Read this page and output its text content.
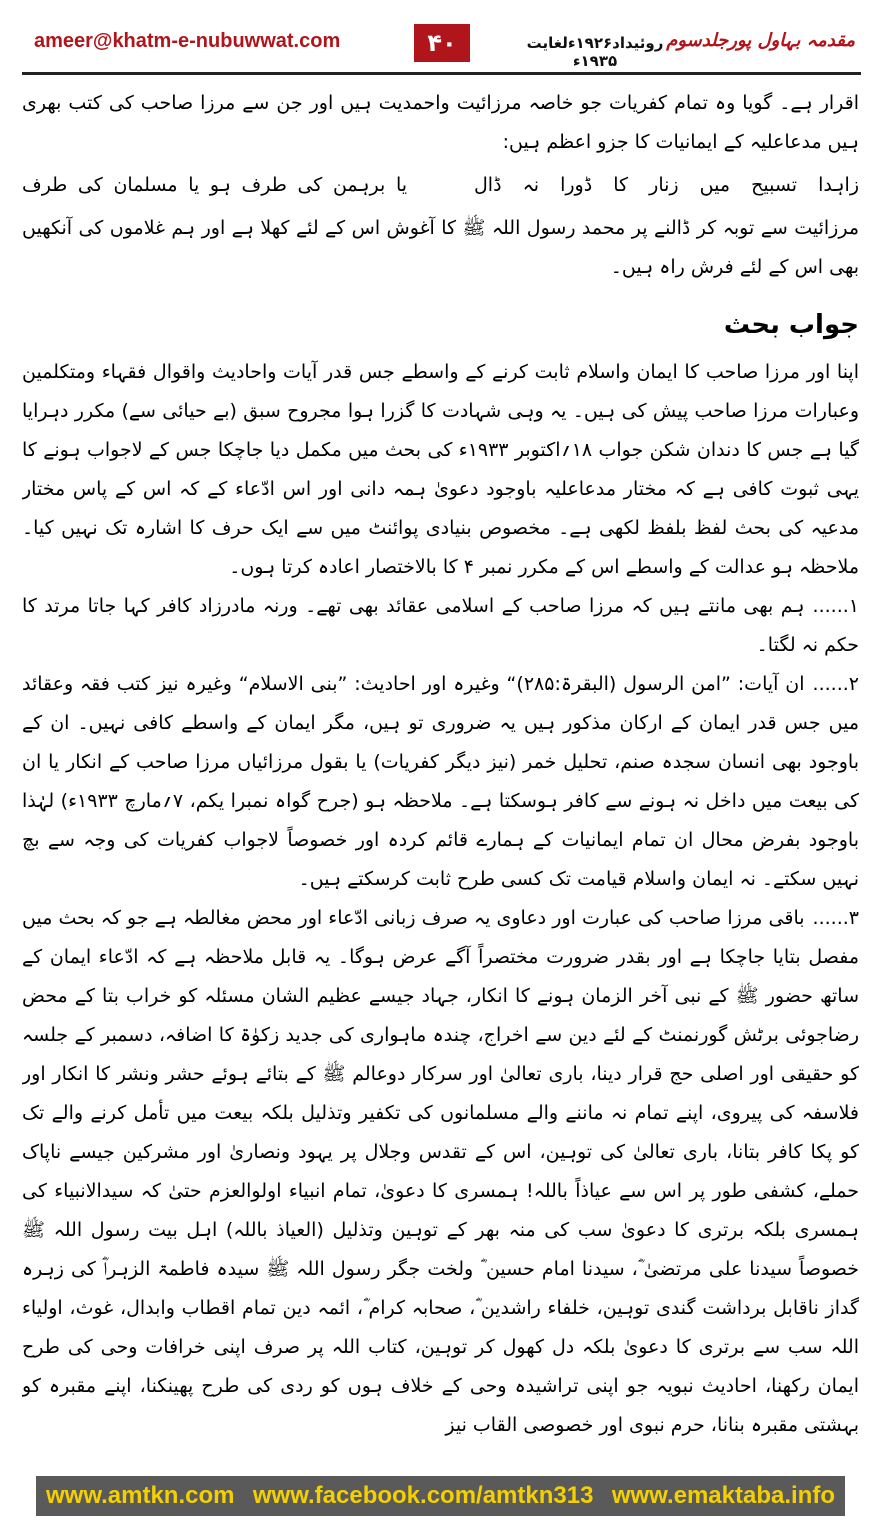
ameer@khatm-e-nubuwwat.com	۴۰	روئیداد۱۹۲۶ءلغایت ۱۹۳۵ء
مقدمہ بہاول پورجلدسوم

اقرار ہے۔ گویا وہ تمام کفریات جو خاصہ مرزائیت واحمدیت ہیں اور جن سے مرزا صاحب کی کتب بھری ہیں مدعاعلیہ کے ایمانیات کا جزو اعظم ہیں:

زاہدا تسبیح میں زنار کا ڈورا نہ ڈال
یا برہمن کی طرف ہو یا مسلمان کی طرف

مرزائیت سے توبہ کر ڈالنے پر محمد رسول اللہ ﷺ کا آغوش اس کے لئے کھلا ہے اور ہم غلاموں کی آنکھیں بھی اس کے لئے فرش راہ ہیں۔

جواب بحث

اپنا اور مرزا صاحب کا ایمان واسلام ثابت کرنے کے واسطے جس قدر آیات واحادیث واقوال فقہاء ومتکلمین وعبارات مرزا صاحب پیش کی ہیں۔ یہ وہی شہادت کا گزرا ہوا مجروح سبق (بے حیائی سے) مکرر دہرایا گیا ہے جس کا دندان شکن جواب ۱۸؍اکتوبر ۱۹۳۳ء کی بحث میں مکمل دیا جاچکا جس کے لاجواب ہونے کا یہی ثبوت کافی ہے کہ مختار مدعاعلیہ باوجود دعویٰ ہمہ دانی اور اس ادّعاء کے کہ اس کے پاس مختار مدعیہ کی بحث لفظ بلفظ لکھی ہے۔ مخصوص بنیادی پوائنٹ میں سے ایک حرف کا اشارہ تک نہیں کیا۔ ملاحظہ ہو عدالت کے واسطے اس کے مکرر نمبر ۴ کا بالاختصار اعادہ کرتا ہوں۔

۱......ہم بھی مانتے ہیں کہ مرزا صاحب کے اسلامی عقائد بھی تھے۔ ورنہ مادرزاد کافر کہا جاتا مرتد کا حکم نہ لگتا۔

۲......ان آیات: ”امن الرسول (البقرۃ:۲۸۵)“ وغیرہ اور احادیث: ”بنی الاسلام“ وغیرہ نیز کتب فقہ وعقائد میں جس قدر ایمان کے ارکان مذکور ہیں یہ ضروری تو ہیں، مگر ایمان کے واسطے کافی نہیں۔ ان کے باوجود بھی انسان سجدہ صنم، تحلیل خمر (نیز دیگر کفریات) یا بقول مرزائیاں مرزا صاحب کے انکار یا ان کی بیعت میں داخل نہ ہونے سے کافر ہوسکتا ہے۔ ملاحظہ ہو (جرح گواہ نمبرا یکم، ۷؍مارچ ۱۹۳۳ء) لہٰذا باوجود بفرض محال ان تمام ایمانیات کے ہمارے قائم کردہ اور خصوصاً لاجواب کفریات کی وجہ سے بچ نہیں سکتے۔ نہ ایمان واسلام قیامت تک کسی طرح ثابت کرسکتے ہیں۔

۳......باقی مرزا صاحب کی عبارت اور دعاوی یہ صرف زبانی ادّعاء اور محض مغالطہ ہے جو کہ بحث میں مفصل بتایا جاچکا ہے اور بقدر ضرورت مختصراً آگے عرض ہوگا۔ یہ قابل ملاحظہ ہے کہ ادّعاء ایمان کے ساتھ حضور ﷺ کے نبی آخر الزمان ہونے کا انکار، جہاد جیسے عظیم الشان مسئلہ کو خراب بتا کے محض رضاجوئی برٹش گورنمنٹ کے لئے دین سے اخراج، چندہ ماہواری کی جدید زکوٰۃ کا اضافہ، دسمبر کے جلسہ کو حقیقی اور اصلی حج قرار دینا، باری تعالیٰ اور سرکار دوعالم ﷺ کے بتائے ہوئے حشر ونشر کا انکار اور فلاسفہ کی پیروی، اپنے تمام نہ ماننے والے مسلمانوں کی تکفیر وتذلیل بلکہ بیعت میں تأمل کرنے والے تک کو پکا کافر بتانا، باری تعالیٰ کی توہین، اس کے تقدس وجلال پر یہود ونصاریٰ اور مشرکین جیسے ناپاک حملے، کشفی طور پر اس سے عیاذاً باللہ! ہمسری کا دعویٰ، تمام انبیاء اولوالعزم حتیٰ کہ سیدالانبیاء کی ہمسری بلکہ برتری کا دعویٰ سب کی منہ بھر کے توہین وتذلیل (العیاذ باللہ) اہل بیت رسول اللہ ﷺ خصوصاً سیدنا علی مرتضیٰ ؓ، سیدنا امام حسین ؓ ولخت جگر رسول اللہ ﷺ سیدہ فاطمۃ الزہراؓ کی زہرہ گداز ناقابل برداشت گندی توہین، خلفاء راشدین ؓ، صحابہ کرام ؓ، ائمہ دین تمام اقطاب وابدال، غوث، اولیاء اللہ سب سے برتری کا دعویٰ بلکہ دل کھول کر توہین، کتاب اللہ پر صرف اپنی خرافات وحی کی طرح ایمان رکھنا، احادیث نبویہ جو اپنی تراشیدہ وحی کے خلاف ہوں کو ردی کی طرح پھینکنا، اپنے مقبرہ کو بہشتی مقبرہ بنانا، حرم نبوی اور خصوصی القاب نیز

www.amtkn.com www.facebook.com/amtkn313 www.emaktaba.info
